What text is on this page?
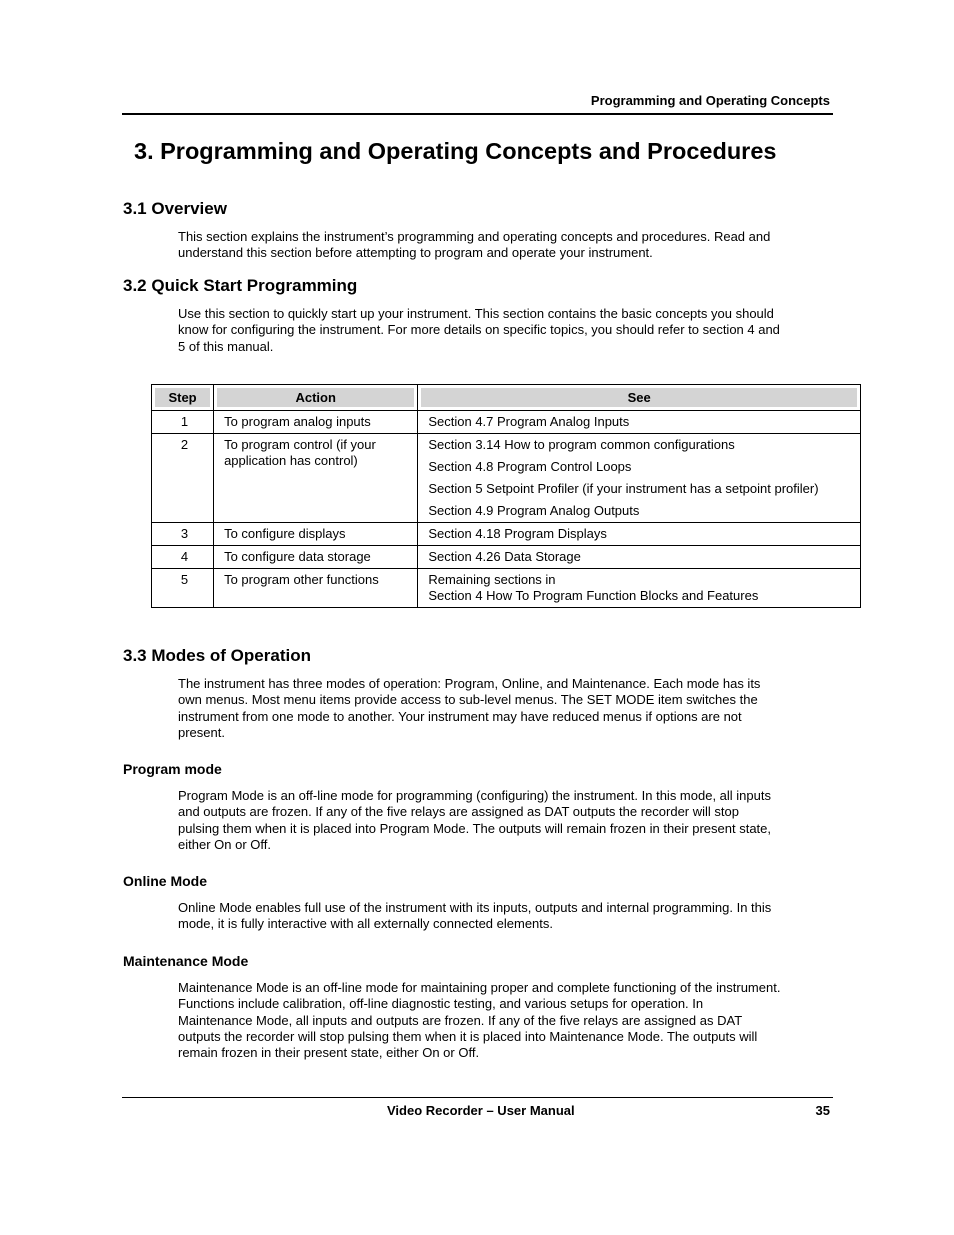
Programming and Operating Concepts
3. Programming and Operating Concepts and Procedures
3.1 Overview
This section explains the instrument’s programming and operating concepts and procedures. Read and
understand this section before attempting to program and operate your instrument.
3.2 Quick Start Programming
Use this section to quickly start up your instrument. This section contains the basic concepts you should
know for configuring the instrument. For more details on specific topics, you should refer to section 4 and
5 of this manual.
Step	Action	See

1	To program analog inputs	Section 4.7 Program Analog Inputs

2	To program control (if your application has control)	Section 3.14 How to program common configurations
Section 4.8 Program Control Loops
Section 5 Setpoint Profiler (if your instrument has a setpoint profiler)
Section 4.9 Program Analog Outputs

3	To configure displays	Section 4.18 Program Displays

4	To configure data storage	Section 4.26 Data Storage

5	To program other functions	Remaining sections in
Section 4 How To Program Function Blocks and Features
3.3 Modes of Operation
The instrument has three modes of operation: Program, Online, and Maintenance. Each mode has its
own menus. Most menu items provide access to sub-level menus. The SET MODE item switches the
instrument from one mode to another. Your instrument may have reduced menus if options are not
present.
Program mode
Program Mode is an off-line mode for programming (configuring) the instrument. In this mode, all inputs
and outputs are frozen. If any of the five relays are assigned as DAT outputs the recorder will stop
pulsing them when it is placed into Program Mode. The outputs will remain frozen in their present state,
either On or Off.
Online Mode
Online Mode enables full use of the instrument with its inputs, outputs and internal programming. In this
mode, it is fully interactive with all externally connected elements.
Maintenance Mode
Maintenance Mode is an off-line mode for maintaining proper and complete functioning of the instrument.
Functions include calibration, off-line diagnostic testing, and various setups for operation. In
Maintenance Mode, all inputs and outputs are frozen. If any of the five relays are assigned as DAT
outputs the recorder will stop pulsing them when it is placed into Maintenance Mode. The outputs will
remain frozen in their present state, either On or Off.
Video Recorder – User Manual	35
